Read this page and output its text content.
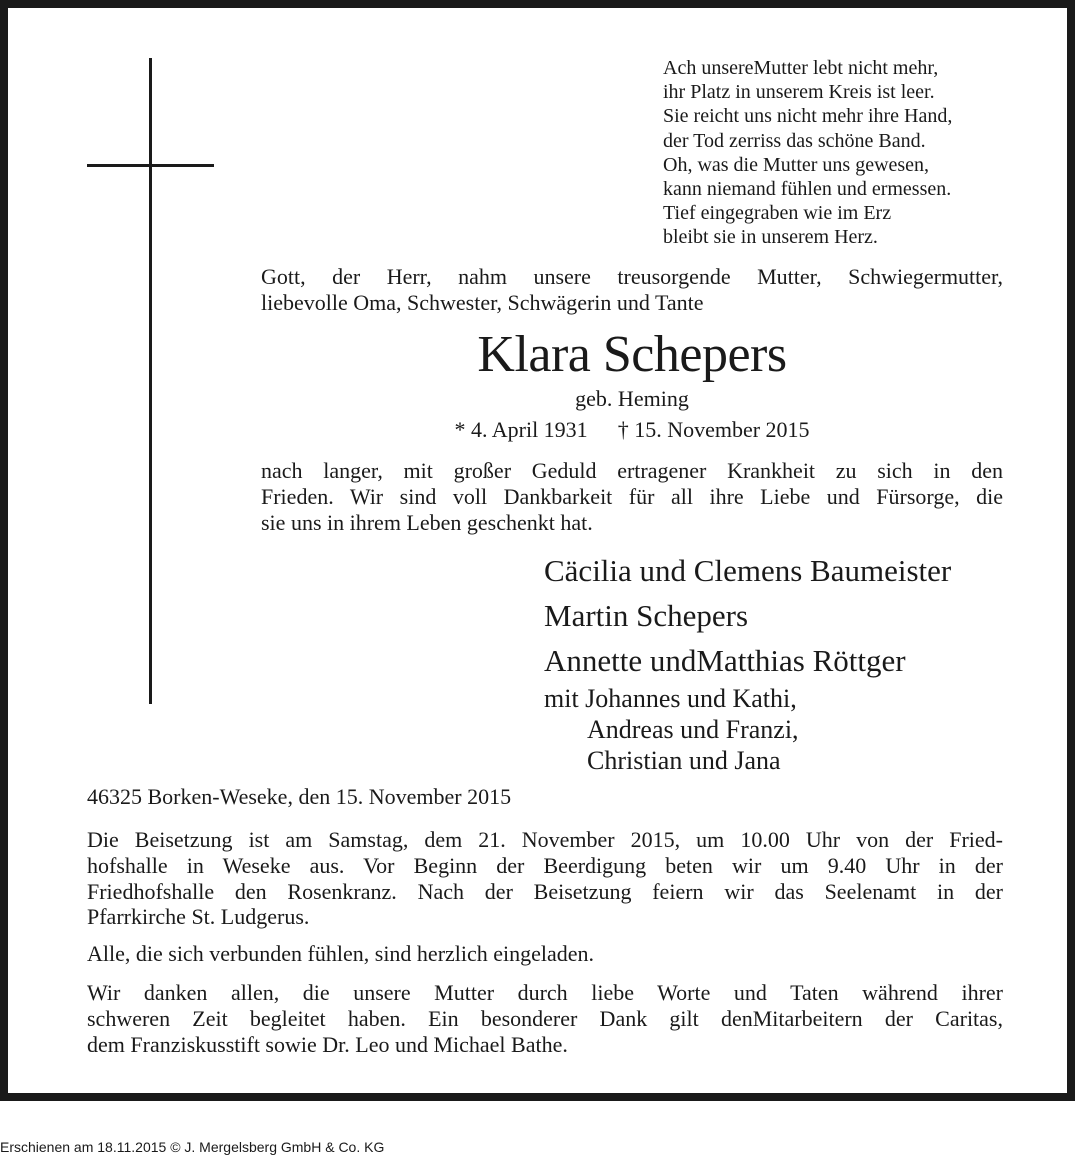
Ach unsereMutter lebt nicht mehr,
ihr Platz in unserem Kreis ist leer.
Sie reicht uns nicht mehr ihre Hand,
der Tod zerriss das schöne Band.
Oh, was die Mutter uns gewesen,
kann niemand fühlen und ermessen.
Tief eingegraben wie im Erz
bleibt sie in unserem Herz.
Gott, der Herr, nahm unsere treusorgende Mutter, Schwiegermutter,
liebevolle Oma, Schwester, Schwägerin und Tante
Klara Schepers
geb. Heming
* 4. April 1931 † 15. November 2015
nach langer, mit großer Geduld ertragener Krankheit zu sich in den
Frieden. Wir sind voll Dankbarkeit für all ihre Liebe und Fürsorge, die
sie uns in ihrem Leben geschenkt hat.
Cäcilia und Clemens Baumeister
Martin Schepers
Annette undMatthias Röttger
mit Johannes und Kathi,
Andreas und Franzi,
Christian und Jana
46325 Borken-Weseke, den 15. November 2015
Die Beisetzung ist am Samstag, dem 21. November 2015, um 10.00 Uhr von der Fried-
hofshalle in Weseke aus. Vor Beginn der Beerdigung beten wir um 9.40 Uhr in der
Friedhofshalle den Rosenkranz. Nach der Beisetzung feiern wir das Seelenamt in der
Pfarrkirche St. Ludgerus.
Alle, die sich verbunden fühlen, sind herzlich eingeladen.
Wir danken allen, die unsere Mutter durch liebe Worte und Taten während ihrer
schweren Zeit begleitet haben. Ein besonderer Dank gilt denMitarbeitern der Caritas,
dem Franziskusstift sowie Dr. Leo und Michael Bathe.
Erschienen am 18.11.2015 © J. Mergelsberg GmbH & Co. KG
